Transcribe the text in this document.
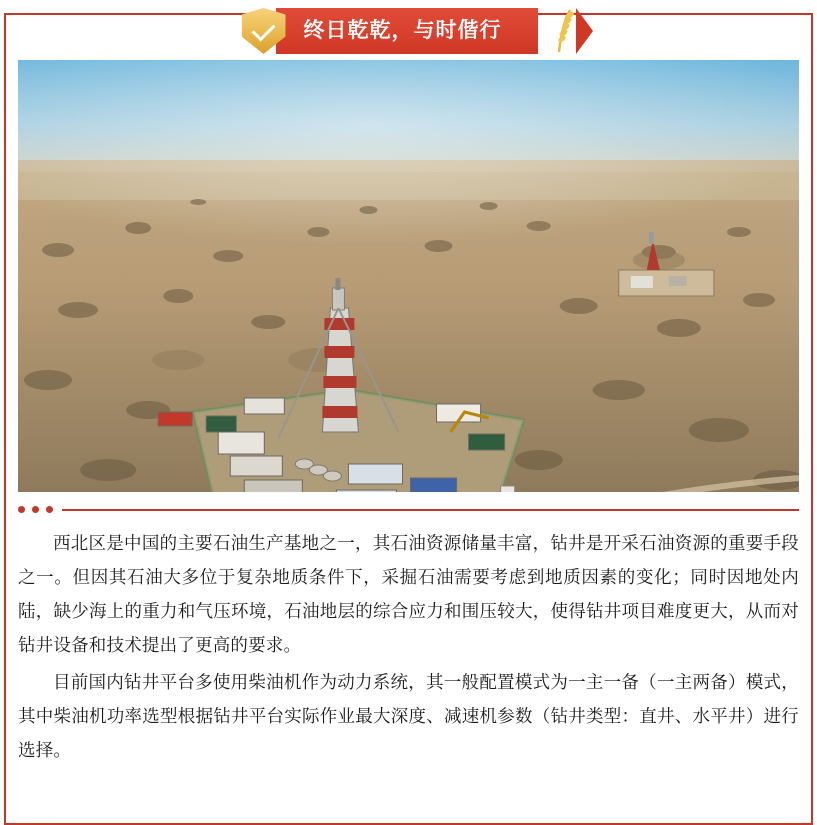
终日乾乾，与时偕行

西北区是中国的主要石油生产基地之一，其石油资源储量丰富，钻井是开采石油资源的重要手段之一。但因其石油大多位于复杂地质条件下，采掘石油需要考虑到地质因素的变化；同时因地处内陆，缺少海上的重力和气压环境，石油地层的综合应力和围压较大，使得钻井项目难度更大，从而对钻井设备和技术提出了更高的要求。

目前国内钻井平台多使用柴油机作为动力系统，其一般配置模式为一主一备（一主两备）模式，其中柴油机功率选型根据钻井平台实际作业最大深度、减速机参数（钻井类型：直井、水平井）进行选择。
